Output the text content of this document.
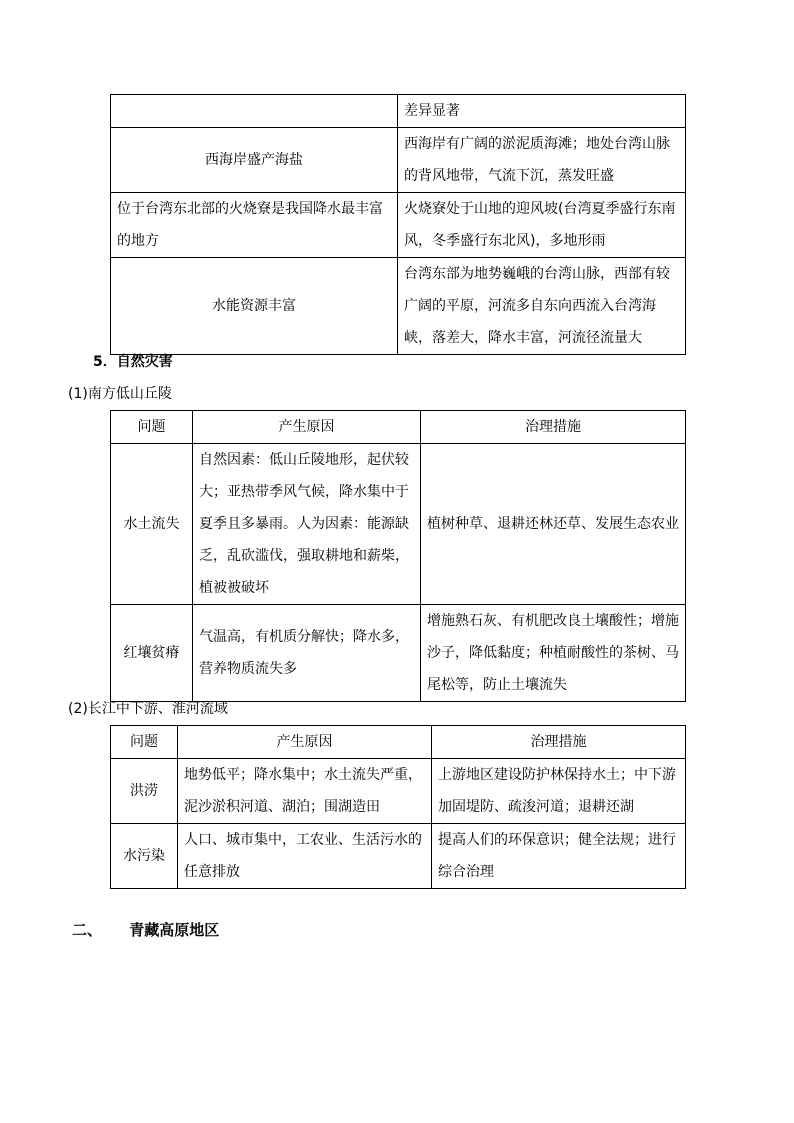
	差异显著
西海岸盛产海盐	西海岸有广阔的淤泥质海滩；地处台湾山脉的背风地带，气流下沉，蒸发旺盛
位于台湾东北部的火烧寮是我国降水最丰富的地方	火烧寮处于山地的迎风坡(台湾夏季盛行东南风，冬季盛行东北风)，多地形雨
水能资源丰富	台湾东部为地势巍峨的台湾山脉，西部有较广阔的平原，河流多自东向西流入台湾海峡，落差大，降水丰富，河流径流量大
5．自然灾害
(1)南方低山丘陵
问题	产生原因	治理措施
水土流失	自然因素：低山丘陵地形，起伏较大；亚热带季风气候，降水集中于夏季且多暴雨。人为因素：能源缺乏，乱砍滥伐，强取耕地和薪柴，植被被破坏	植树种草、退耕还林还草、发展生态农业
红壤贫瘠	气温高，有机质分解快；降水多，营养物质流失多	增施熟石灰、有机肥改良土壤酸性；增施沙子，降低黏度；种植耐酸性的茶树、马尾松等，防止土壤流失
(2)长江中下游、淮河流域
问题	产生原因	治理措施
洪涝	地势低平；降水集中；水土流失严重，泥沙淤积河道、湖泊；围湖造田	上游地区建设防护林保持水土；中下游加固堤防、疏浚河道；退耕还湖
水污染	人口、城市集中，工农业、生活污水的任意排放	提高人们的环保意识；健全法规；进行综合治理
二、 青藏高原地区
